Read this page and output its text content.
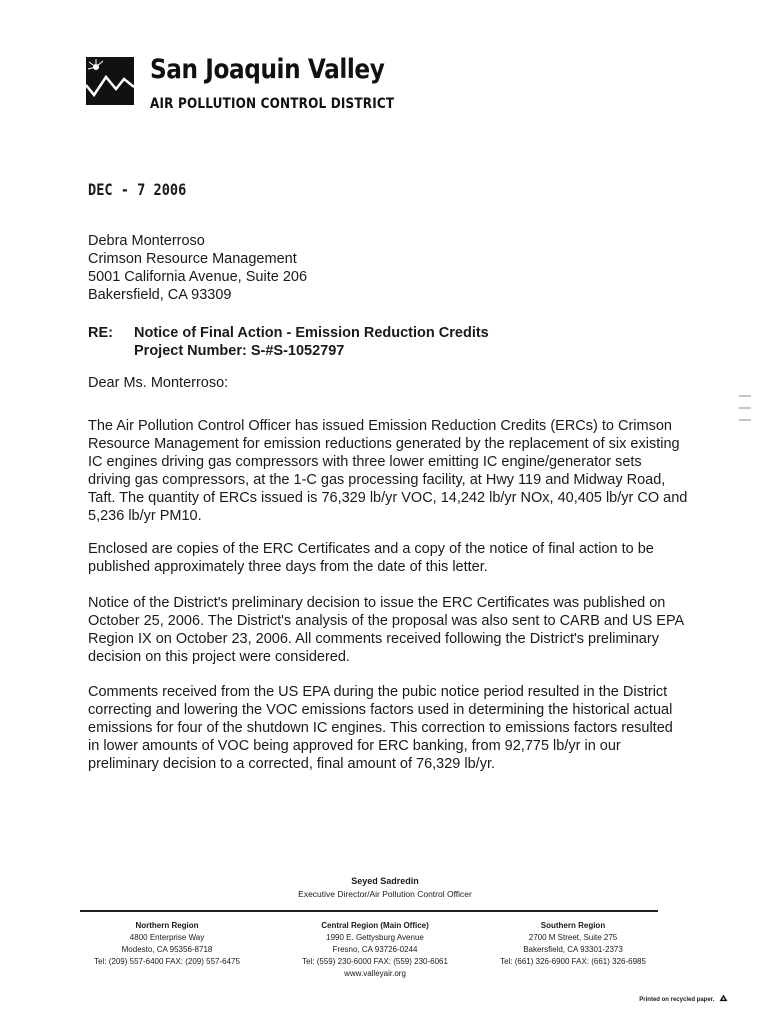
San Joaquin Valley
AIR POLLUTION CONTROL DISTRICT
DEC - 7 2006
Debra Monterroso
Crimson Resource Management
5001 California Avenue, Suite 206
Bakersfield, CA 93309
RE: Notice of Final Action - Emission Reduction Credits
Project Number: S-#S-1052797
Dear Ms. Monterroso:
The Air Pollution Control Officer has issued Emission Reduction Credits (ERCs) to Crimson Resource Management for emission reductions generated by the replacement of six existing IC engines driving gas compressors with three lower emitting IC engine/generator sets driving gas compressors, at the 1-C gas processing facility, at Hwy 119 and Midway Road, Taft. The quantity of ERCs issued is 76,329 lb/yr VOC, 14,242 lb/yr NOx, 40,405 lb/yr CO and 5,236 lb/yr PM10.
Enclosed are copies of the ERC Certificates and a copy of the notice of final action to be published approximately three days from the date of this letter.
Notice of the District's preliminary decision to issue the ERC Certificates was published on October 25, 2006. The District's analysis of the proposal was also sent to CARB and US EPA Region IX on October 23, 2006. All comments received following the District's preliminary decision on this project were considered.
Comments received from the US EPA during the pubic notice period resulted in the District correcting and lowering the VOC emissions factors used in determining the historical actual emissions for four of the shutdown IC engines. This correction to emissions factors resulted in lower amounts of VOC being approved for ERC banking, from 92,775 lb/yr in our preliminary decision to a corrected, final amount of 76,329 lb/yr.
Seyed Sadredin
Executive Director/Air Pollution Control Officer
Northern Region
4800 Enterprise Way
Modesto, CA 95356-8718
Tel: (209) 557-6400 FAX: (209) 557-6475
Central Region (Main Office)
1990 E. Gettysburg Avenue
Fresno, CA 93726-0244
Tel: (559) 230-6000 FAX: (559) 230-6061
www.valleyair.org
Southern Region
2700 M Street, Suite 275
Bakersfield, CA 93301-2373
Tel: (661) 326-6900 FAX: (661) 326-6985
Printed on recycled paper.
